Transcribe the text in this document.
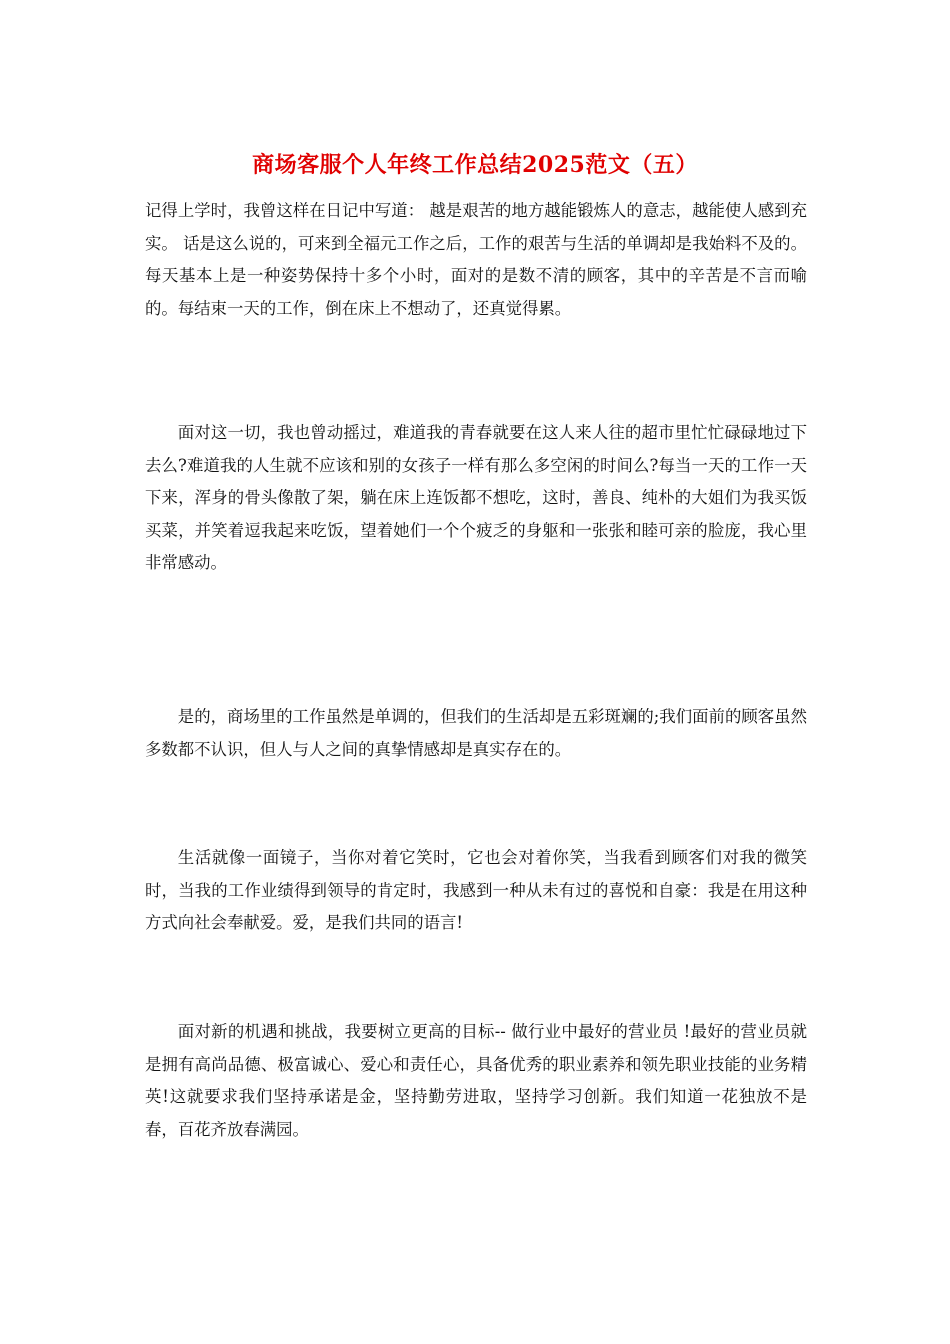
商场客服个人年终工作总结2025范文（五）

记得上学时，我曾这样在日记中写道： 越是艰苦的地方越能锻炼人的意志，越能使人感到充实。 话是这么说的，可来到全福元工作之后，工作的艰苦与生活的单调却是我始料不及的。每天基本上是一种姿势保持十多个小时，面对的是数不清的顾客，其中的辛苦是不言而喻的。每结束一天的工作，倒在床上不想动了，还真觉得累。

面对这一切，我也曾动摇过，难道我的青春就要在这人来人往的超市里忙忙碌碌地过下去么?难道我的人生就不应该和别的女孩子一样有那么多空闲的时间么?每当一天的工作一天下来，浑身的骨头像散了架，躺在床上连饭都不想吃，这时，善良、纯朴的大姐们为我买饭买菜，并笑着逗我起来吃饭，望着她们一个个疲乏的身躯和一张张和睦可亲的脸庞，我心里非常感动。

是的，商场里的工作虽然是单调的，但我们的生活却是五彩斑斓的;我们面前的顾客虽然多数都不认识，但人与人之间的真挚情感却是真实存在的。

生活就像一面镜子，当你对着它笑时，它也会对着你笑，当我看到顾客们对我的微笑时，当我的工作业绩得到领导的肯定时，我感到一种从未有过的喜悦和自豪：我是在用这种方式向社会奉献爱。爱，是我们共同的语言!

面对新的机遇和挑战，我要树立更高的目标-- 做行业中最好的营业员 !最好的营业员就是拥有高尚品德、极富诚心、爱心和责任心，具备优秀的职业素养和领先职业技能的业务精英!这就要求我们坚持承诺是金，坚持勤劳进取，坚持学习创新。我们知道一花独放不是春，百花齐放春满园。
